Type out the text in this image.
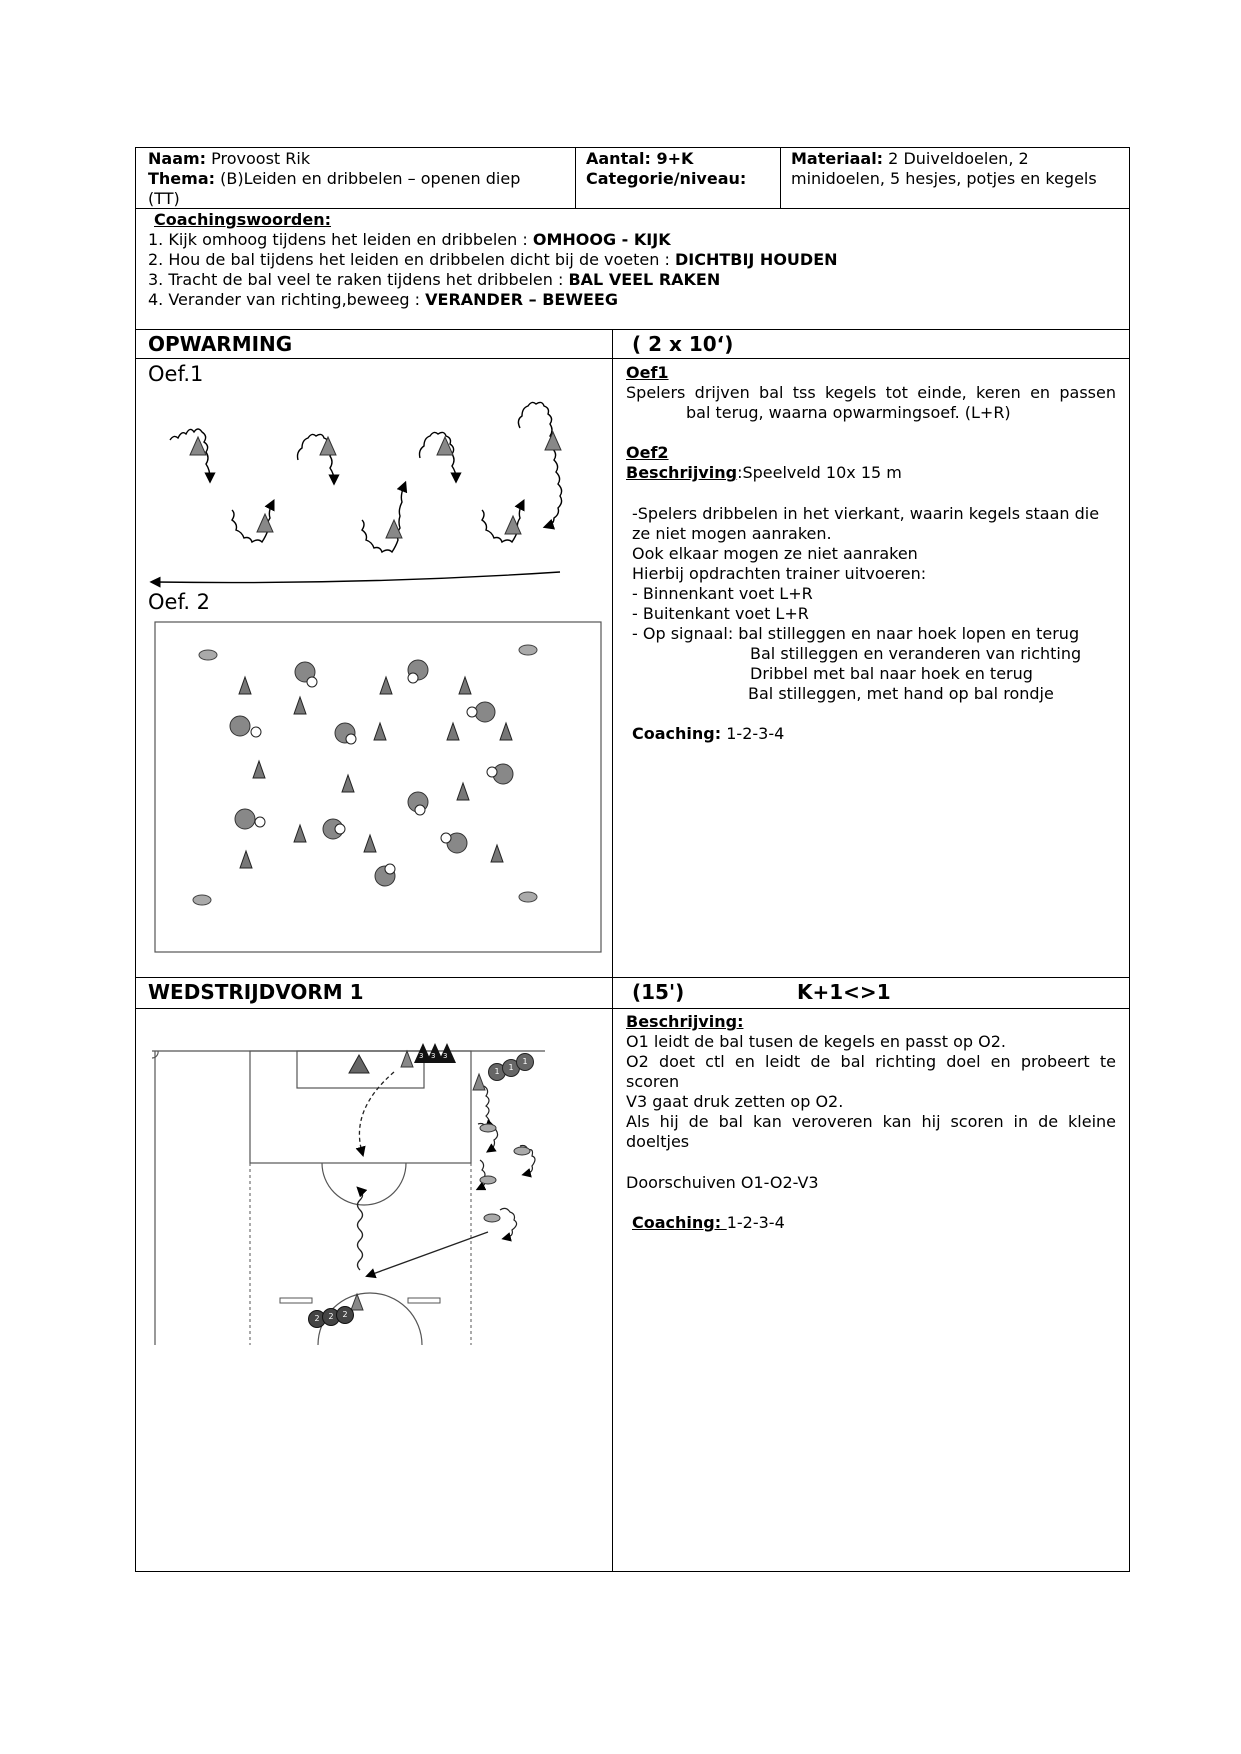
Naam: Provoost Rik
Thema: (B)Leiden en dribbelen – openen diep
(TT)
Aantal: 9+K
Categorie/niveau:
Materiaal: 2 Duiveldoelen, 2
minidoelen, 5 hesjes, potjes en kegels
Coachingswoorden:
1. Kijk omhoog tijdens het leiden en dribbelen : OMHOOG - KIJK
2. Hou de bal tijdens het leiden en dribbelen dicht bij de voeten : DICHTBIJ HOUDEN
3. Tracht de bal veel te raken tijdens het dribbelen : BAL VEEL RAKEN
4. Verander van richting,beweeg : VERANDER – BEWEEG
OPWARMING	( 2 x 10‘)
Oef.1
Oef. 2
Oef1
Spelers drijven bal tss kegels tot einde, keren en passen
bal terug, waarna opwarmingsoef. (L+R)
Oef2
Beschrijving:Speelveld 10x 15 m
-Spelers dribbelen in het vierkant, waarin kegels staan die
ze niet mogen aanraken.
Ook elkaar mogen ze niet aanraken
Hierbij opdrachten trainer uitvoeren:
- Binnenkant voet L+R
- Buitenkant voet L+R
- Op signaal: bal stilleggen en naar hoek lopen en terug
Bal stilleggen en veranderen van richting
Dribbel met bal naar hoek en terug
Bal stilleggen, met hand op bal rondje
Coaching: 1-2-3-4
WEDSTRIJDVORM 1	(15')	K+1<>1
1	1
1
3 3 3
2	2	2
Beschrijving:
O1 leidt de bal tusen de kegels en passt op O2.
O2 doet ctl en leidt de bal richting doel en probeert te
scoren
V3 gaat druk zetten op O2.
Als hij de bal kan veroveren kan hij scoren in de kleine
doeltjes
Doorschuiven O1-O2-V3
Coaching: 1-2-3-4
